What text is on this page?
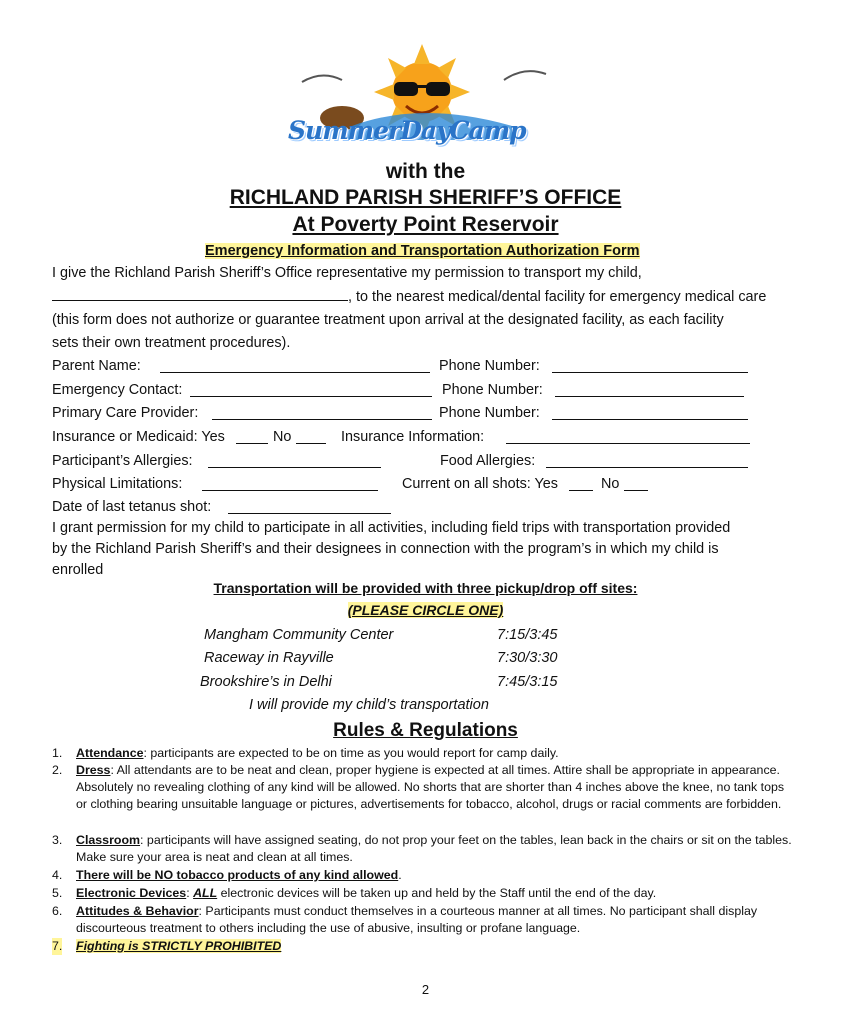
SummerDayCamp
with the
RICHLAND PARISH SHERIFF’S OFFICE
At Poverty Point Reservoir
Emergency Information and Transportation Authorization Form
I give the Richland Parish Sheriff’s Office representative my permission to transport my child,
, to the nearest medical/dental facility for emergency medical care
(this form does not authorize or guarantee treatment upon arrival at the designated facility, as each facility
sets their own treatment procedures).
Parent Name:	Phone Number:
Emergency Contact:	Phone Number:
Primary Care Provider:	Phone Number:
Insurance or Medicaid: Yes	No	Insurance Information:
Participant’s Allergies:	Food Allergies:
Physical Limitations:	Current on all shots: Yes	No
Date of last tetanus shot:
I grant permission for my child to participate in all activities, including field trips with transportation provided
by the Richland Parish Sheriff’s and their designees in connection with the program’s in which my child is
enrolled
Transportation will be provided with three pickup/drop off sites:
(PLEASE CIRCLE ONE)
Mangham Community Center	7:15/3:45
Raceway in Rayville	7:30/3:30
Brookshire’s in Delhi	7:45/3:15
I will provide my child’s transportation
Rules & Regulations
1. Attendance: participants are expected to be on time as you would report for camp daily.
2. Dress: All attendants are to be neat and clean, proper hygiene is expected at all times. Attire shall be appropriate in appearance. Absolutely no revealing clothing of any kind will be allowed. No shorts that are shorter than 4 inches above the knee, no tank tops or clothing bearing unsuitable language or pictures, advertisements for tobacco, alcohol, drugs or racial comments are forbidden.
3. Classroom: participants will have assigned seating, do not prop your feet on the tables, lean back in the chairs or sit on the tables. Make sure your area is neat and clean at all times.
4. There will be NO tobacco products of any kind allowed.
5. Electronic Devices: ALL electronic devices will be taken up and held by the Staff until the end of the day.
6. Attitudes & Behavior: Participants must conduct themselves in a courteous manner at all times. No participant shall display discourteous treatment to others including the use of abusive, insulting or profane language.
7. Fighting is STRICTLY PROHIBITED
2
